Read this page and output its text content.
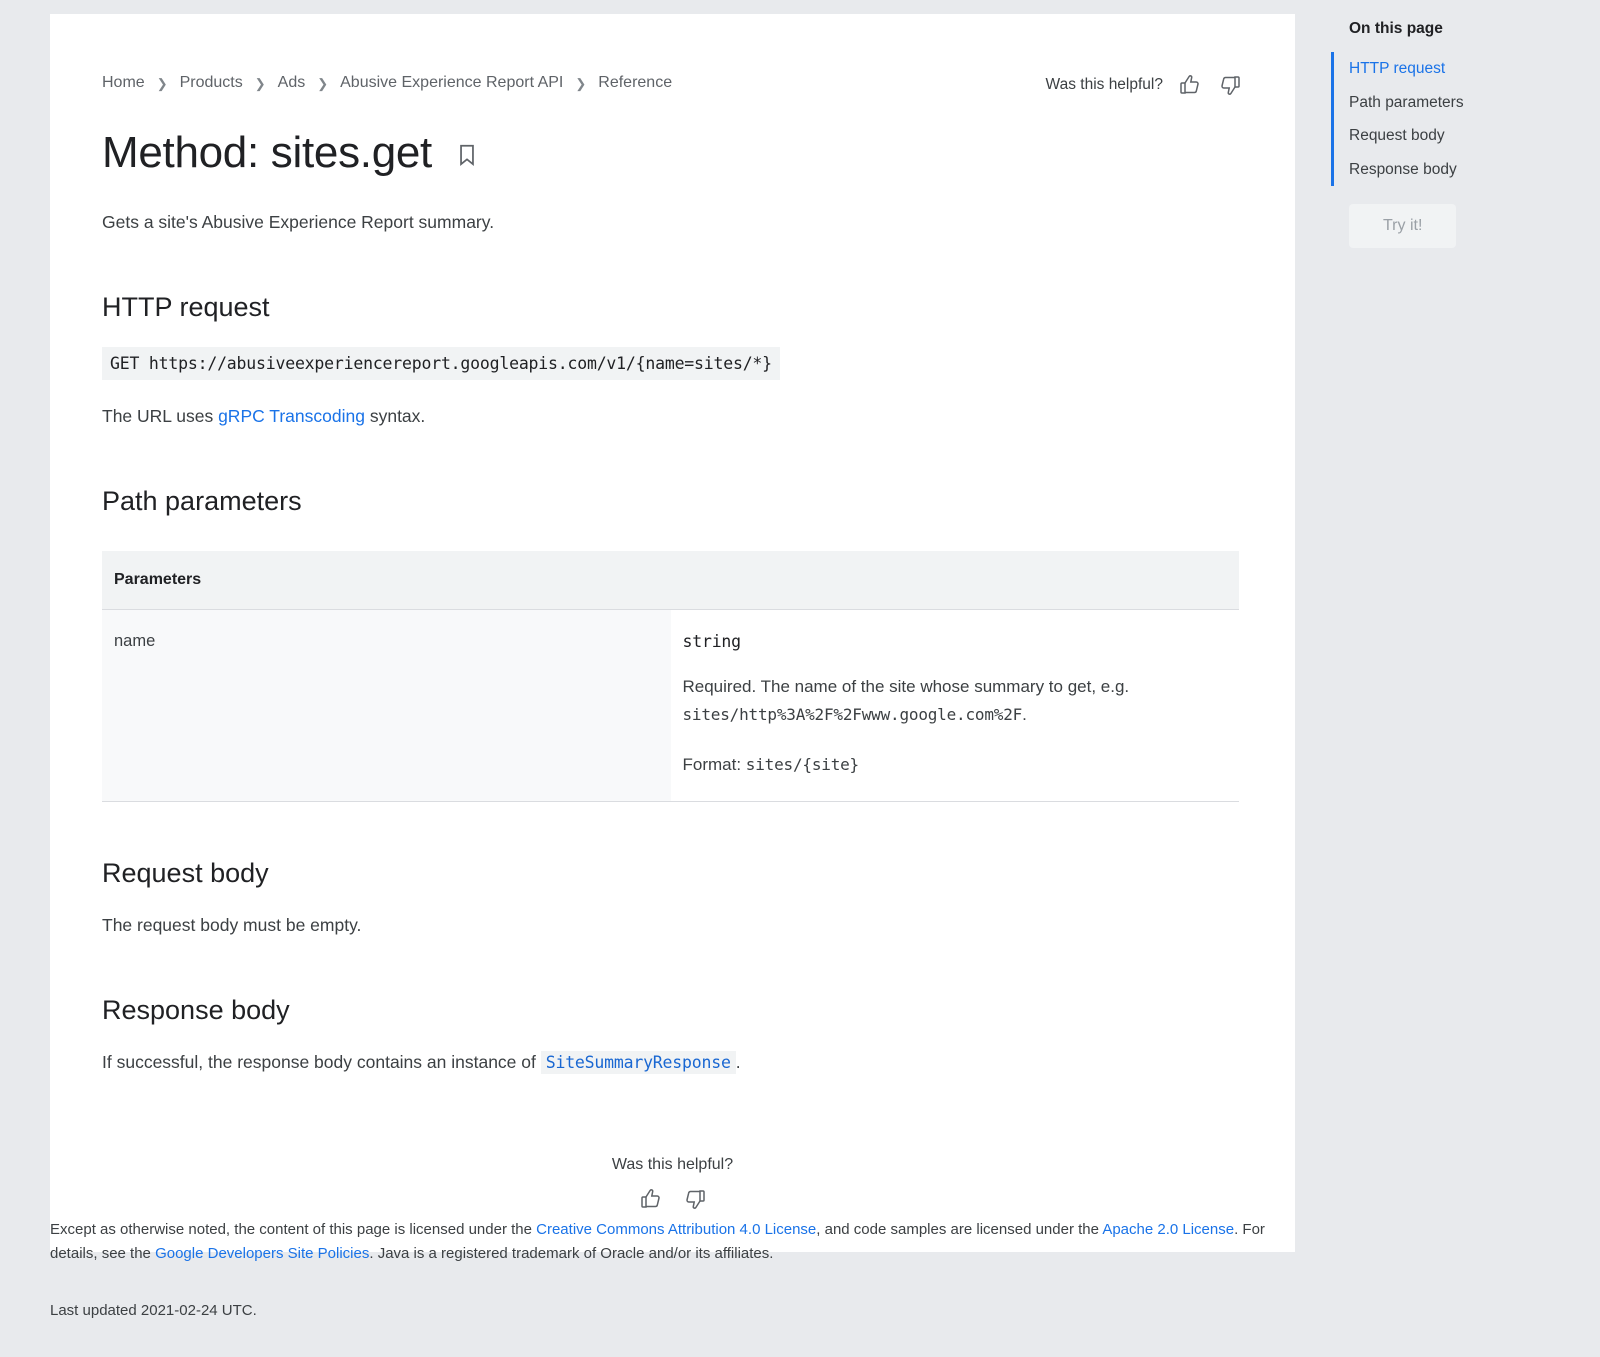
Home ❯ Products ❯ Ads ❯ Abusive Experience Report API ❯ Reference	Was this helpful?
Method: sites.get

Gets a site's Abusive Experience Report summary.

HTTP request
GET https://abusiveexperiencereport.googleapis.com/v1/{name=sites/*}

The URL uses gRPC Transcoding syntax.

Path parameters
Parameters
name	string
Required. The name of the site whose summary to get, e.g. sites/http%3A%2F%2Fwww.google.com%2F.
Format: sites/{site}
Request body

The request body must be empty.

Response body

If successful, the response body contains an instance of SiteSummaryResponse .

Was this helpful?
On this page
HTTP request
Path parameters
Request body
Response body
Try it!
Except as otherwise noted, the content of this page is licensed under the Creative Commons Attribution 4.0 License, and code samples are licensed under the Apache 2.0 License. For details, see the Google Developers Site Policies. Java is a registered trademark of Oracle and/or its affiliates.
Last updated 2021-02-24 UTC.
